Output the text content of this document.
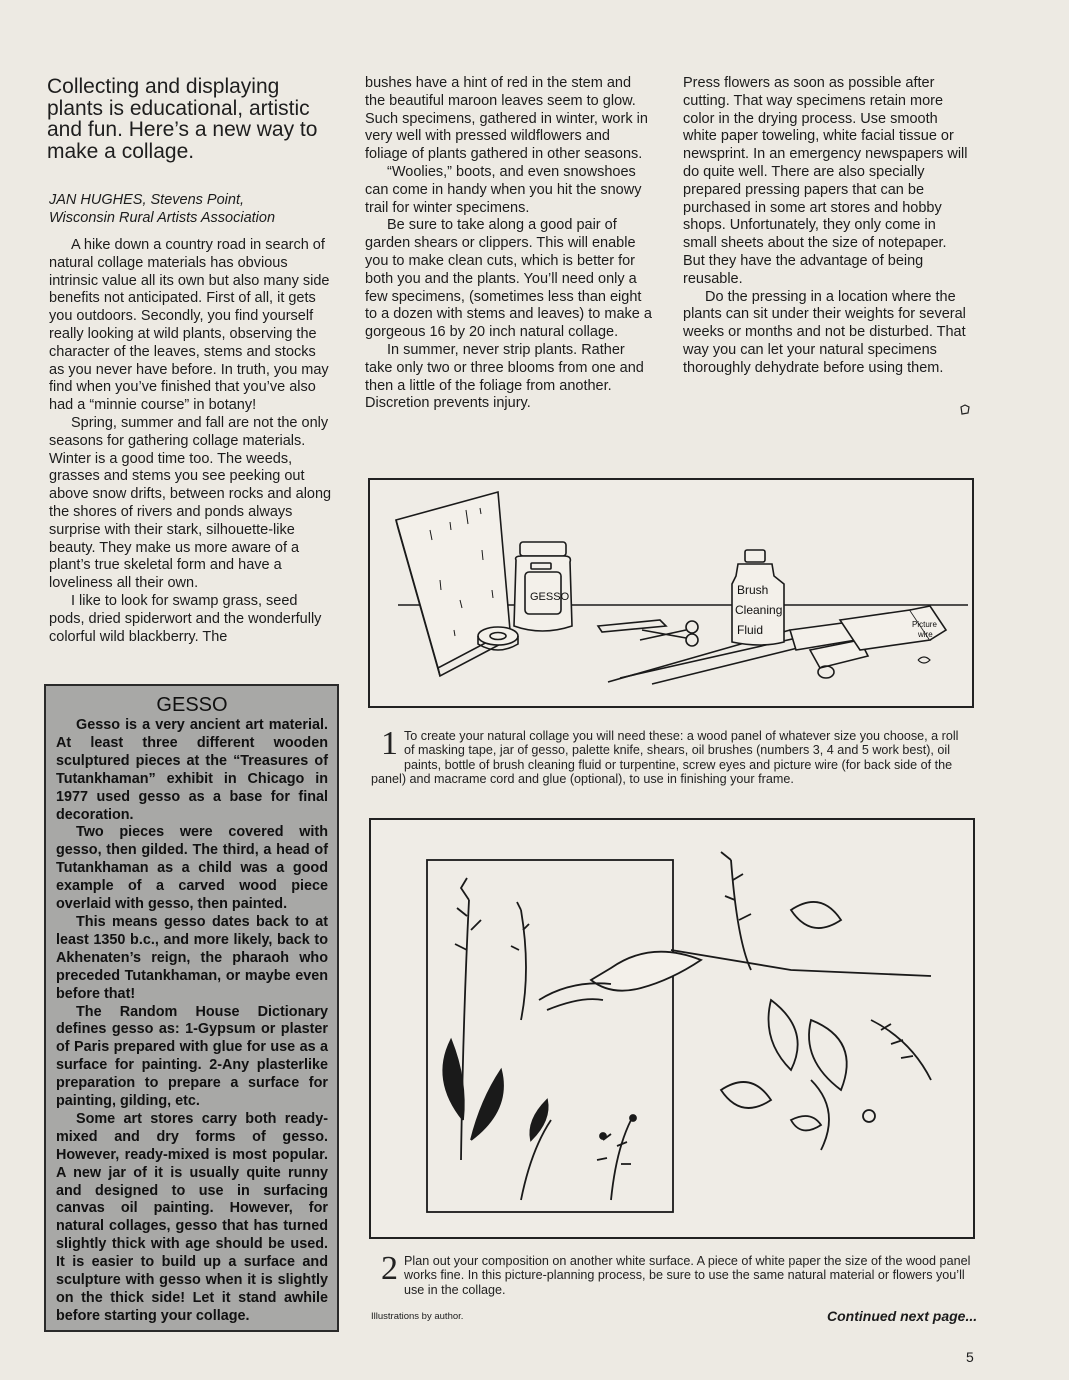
Collecting and displaying plants is educational, artistic and fun. Here’s a new way to make a collage.
JAN HUGHES, Stevens Point,
Wisconsin Rural Artists Association

A hike down a country road in search of natural collage materials has obvious intrinsic value all its own but also many side benefits not anticipated. First of all, it gets you outdoors. Secondly, you find yourself really looking at wild plants, observing the character of the leaves, stems and stocks as you never have before. In truth, you may find when you’ve finished that you’ve also had a “minnie course” in botany!

Spring, summer and fall are not the only seasons for gathering collage materials. Winter is a good time too. The weeds, grasses and stems you see peeking out above snow drifts, between rocks and along the shores of rivers and ponds always surprise with their stark, silhouette-like beauty. They make us more aware of a plant’s true skeletal form and have a loveliness all their own.

I like to look for swamp grass, seed pods, dried spiderwort and the wonderfully colorful wild blackberry. The

bushes have a hint of red in the stem and the beautiful maroon leaves seem to glow. Such specimens, gathered in winter, work in very well with pressed wildflowers and foliage of plants gathered in other seasons.

“Woolies,” boots, and even snowshoes can come in handy when you hit the snowy trail for winter specimens.

Be sure to take along a good pair of garden shears or clippers. This will enable you to make clean cuts, which is better for both you and the plants. You’ll need only a few specimens, (sometimes less than eight to a dozen with stems and leaves) to make a gorgeous 16 by 20 inch natural collage.

In summer, never strip plants. Rather take only two or three blooms from one and then a little of the foliage from another. Discretion prevents injury.

Press flowers as soon as possible after cutting. That way specimens retain more color in the drying process. Use smooth white paper toweling, white facial tissue or newsprint. In an emergency newspapers will do quite well. There are also specially prepared pressing papers that can be purchased in some art stores and hobby shops. Unfortunately, they only come in small sheets about the size of notepaper. But they have the advantage of being reusable.

Do the pressing in a location where the plants can sit under their weights for several weeks or months and not be disturbed. That way you can let your natural specimens thoroughly dehydrate before using them.

GESSO

Gesso is a very ancient art material. At least three different wooden sculptured pieces at the “Treasures of Tutankhaman” exhibit in Chicago in 1977 used gesso as a base for final decoration.

Two pieces were covered with gesso, then gilded. The third, a head of Tutankhaman as a child was a good example of a carved wood piece overlaid with gesso, then painted.

This means gesso dates back to at least 1350 b.c., and more likely, back to Akhenaten’s reign, the pharaoh who preceded Tutankhaman, or maybe even before that!

The Random House Dictionary defines gesso as: 1-Gypsum or plaster of Paris prepared with glue for use as a surface for painting. 2-Any plasterlike preparation to prepare a surface for painting, gilding, etc.

Some art stores carry both ready-mixed and dry forms of gesso. However, ready-mixed is most popular. A new jar of it is usually quite runny and designed to use in surfacing canvas oil painting. However, for natural collages, gesso that has turned slightly thick with age should be used. It is easier to build up a surface and sculpture with gesso when it is slightly on the thick side! Let it stand awhile before starting your collage.

GESSO	Brush
Cleaning
Fluid	Picture
wire
1 To create your natural collage you will need these: a wood panel of whatever size you choose, a roll of masking tape, jar of gesso, palette knife, shears, oil brushes (numbers 3, 4 and 5 work best), oil paints, bottle of brush cleaning fluid or turpentine, screw eyes and picture wire (for back side of the panel) and macrame cord and glue (optional), to use in finishing your frame.
2 Plan out your composition on another white surface. A piece of white paper the size of the wood panel works fine. In this picture-planning process, be sure to use the same natural material or flowers you’ll use in the collage.
Illustrations by author.	Continued next page...
5
